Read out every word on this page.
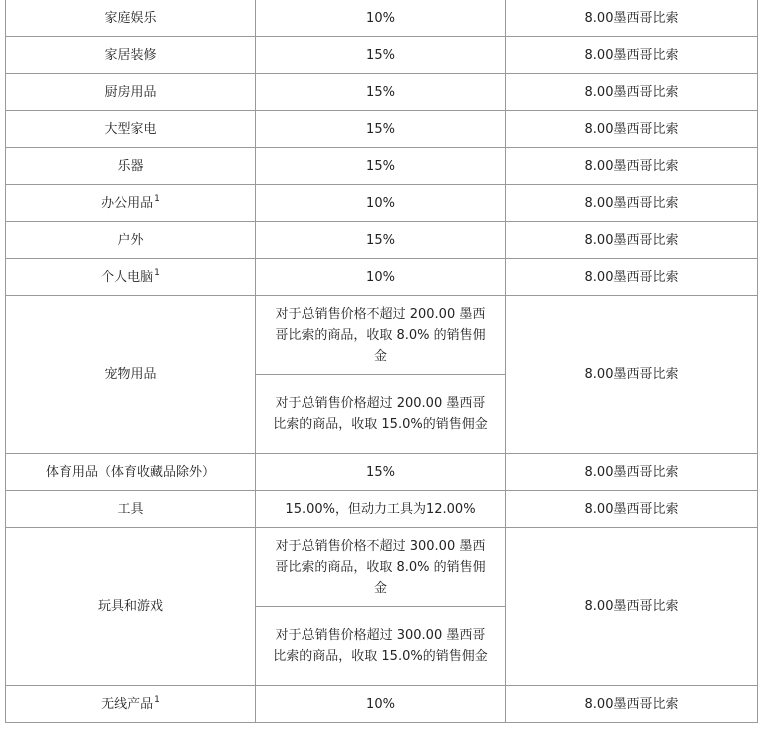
家庭娱乐	10%	8.00墨西哥比索
家居装修	15%	8.00墨西哥比索
厨房用品	15%	8.00墨西哥比索
大型家电	15%	8.00墨西哥比索
乐器	15%	8.00墨西哥比索
办公用品$^1$	10%	8.00墨西哥比索
户外	15%	8.00墨西哥比索
个人电脑$^1$	10%	8.00墨西哥比索
宠物用品	对于总销售价格不超过 200.00 墨西哥比索的商品，收取 8.0% 的销售佣金	8.00墨西哥比索
	对于总销售价格超过 200.00 墨西哥比索的商品，收取 15.0%的销售佣金	
体育用品（体育收藏品除外）	15%	8.00墨西哥比索
工具	15.00%，但动力工具为12.00%	8.00墨西哥比索
玩具和游戏	对于总销售价格不超过 300.00 墨西哥比索的商品，收取 8.0% 的销售佣金	8.00墨西哥比索
	对于总销售价格超过 300.00 墨西哥比索的商品，收取 15.0%的销售佣金	
无线产品$^1$	10%	8.00墨西哥比索
